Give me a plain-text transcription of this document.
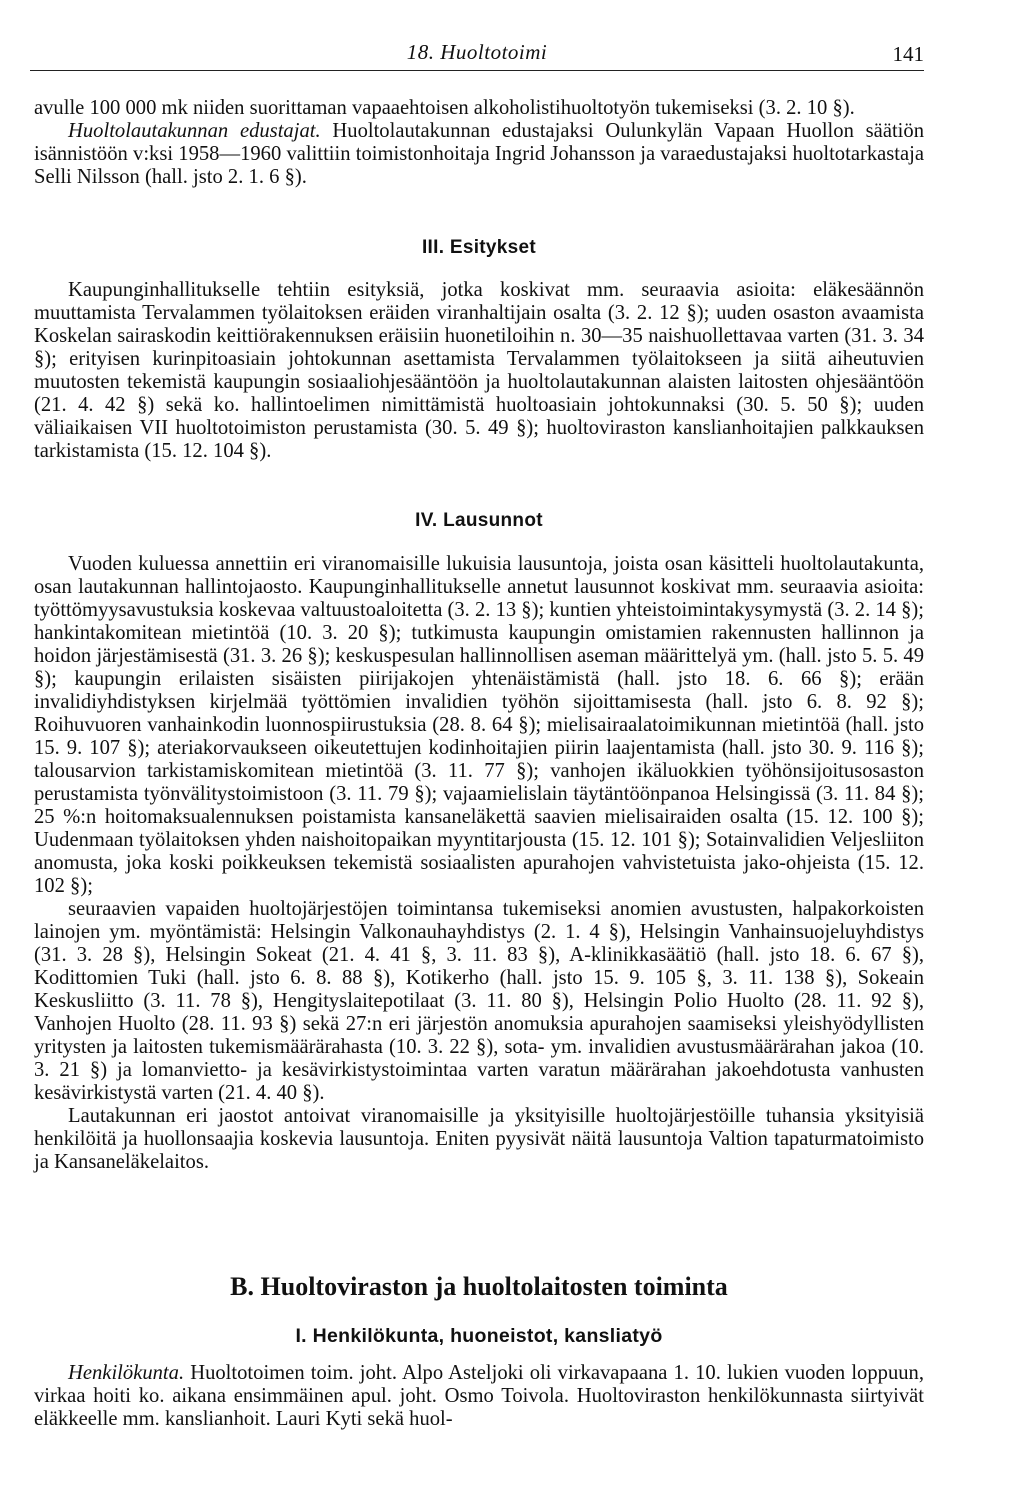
18. Huoltotoimi	141

avulle 100 000 mk niiden suorittaman vapaaehtoisen alkoholistihuoltotyön tukemiseksi (3. 2. 10 §).

Huoltolautakunnan edustajat. Huoltolautakunnan edustajaksi Oulunkylän Vapaan Huollon säätiön isännistöön v:ksi 1958—1960 valittiin toimistonhoitaja Ingrid Johansson ja varaedustajaksi huoltotarkastaja Selli Nilsson (hall. jsto 2. 1. 6 §).

III. Esitykset

Kaupunginhallitukselle tehtiin esityksiä, jotka koskivat mm. seuraavia asioita: eläkesäännön muuttamista Tervalammen työlaitoksen eräiden viranhaltijain osalta (3. 2. 12 §); uuden osaston avaamista Koskelan sairaskodin keittiörakennuksen eräisiin huonetiloihin n. 30—35 naishuollettavaa varten (31. 3. 34 §); erityisen kurinpitoasiain johtokunnan asettamista Tervalammen työlaitokseen ja siitä aiheutuvien muutosten tekemistä kaupungin sosiaaliohjesääntöön ja huoltolautakunnan alaisten laitosten ohjesääntöön (21. 4. 42 §) sekä ko. hallintoelimen nimittämistä huoltoasiain johtokunnaksi (30. 5. 50 §); uuden väliaikaisen VII huoltotoimiston perustamista (30. 5. 49 §); huoltoviraston kanslianhoitajien palkkauksen tarkistamista (15. 12. 104 §).

IV. Lausunnot

Vuoden kuluessa annettiin eri viranomaisille lukuisia lausuntoja, joista osan käsitteli huoltolautakunta, osan lautakunnan hallintojaosto. Kaupunginhallitukselle annetut lausunnot koskivat mm. seuraavia asioita: työttömyysavustuksia koskevaa valtuustoaloitetta (3. 2. 13 §); kuntien yhteistoimintakysymystä (3. 2. 14 §); hankintakomitean mietintöä (10. 3. 20 §); tutkimusta kaupungin omistamien rakennusten hallinnon ja hoidon järjestämisestä (31. 3. 26 §); keskuspesulan hallinnollisen aseman määrittelyä ym. (hall. jsto 5. 5. 49 §); kaupungin erilaisten sisäisten piirijakojen yhtenäistämistä (hall. jsto 18. 6. 66 §); erään invalidiyhdistyksen kirjelmää työttömien invalidien työhön sijoittamisesta (hall. jsto 6. 8. 92 §); Roihuvuoren vanhainkodin luonnospiirustuksia (28. 8. 64 §); mielisairaalatoimikunnan mietintöä (hall. jsto 15. 9. 107 §); ateriakorvaukseen oikeutettujen kodinhoitajien piirin laajentamista (hall. jsto 30. 9. 116 §); talousarvion tarkistamiskomitean mietintöä (3. 11. 77 §); vanhojen ikäluokkien työhönsijoitusosaston perustamista työnvälitystoimistoon (3. 11. 79 §); vajaamielislain täytäntöönpanoa Helsingissä (3. 11. 84 §); 25 %:n hoitomaksualennuksen poistamista kansaneläkettä saavien mielisairaiden osalta (15. 12. 100 §); Uudenmaan työlaitoksen yhden naishoitopaikan myyntitarjousta (15. 12. 101 §); Sotainvalidien Veljesliiton anomusta, joka koski poikkeuksen tekemistä sosiaalisten apurahojen vahvistetuista jako-ohjeista (15. 12. 102 §);

seuraavien vapaiden huoltojärjestöjen toimintansa tukemiseksi anomien avustusten, halpakorkoisten lainojen ym. myöntämistä: Helsingin Valkonauhayhdistys (2. 1. 4 §), Helsingin Vanhainsuojeluyhdistys (31. 3. 28 §), Helsingin Sokeat (21. 4. 41 §, 3. 11. 83 §), A-klinikkasäätiö (hall. jsto 18. 6. 67 §), Kodittomien Tuki (hall. jsto 6. 8. 88 §), Kotikerho (hall. jsto 15. 9. 105 §, 3. 11. 138 §), Sokeain Keskusliitto (3. 11. 78 §), Hengityslaitepotilaat (3. 11. 80 §), Helsingin Polio Huolto (28. 11. 92 §), Vanhojen Huolto (28. 11. 93 §) sekä 27:n eri järjestön anomuksia apurahojen saamiseksi yleishyödyllisten yritysten ja laitosten tukemismäärärahasta (10. 3. 22 §), sota- ym. invalidien avustusmäärärahan jakoa (10. 3. 21 §) ja lomanvietto- ja kesävirkistystoimintaa varten varatun määrärahan jakoehdotusta vanhusten kesävirkistystä varten (21. 4. 40 §).

Lautakunnan eri jaostot antoivat viranomaisille ja yksityisille huoltojärjestöille tuhansia yksityisiä henkilöitä ja huollonsaajia koskevia lausuntoja. Eniten pyysivät näitä lausuntoja Valtion tapaturmatoimisto ja Kansaneläkelaitos.

B. Huoltoviraston ja huoltolaitosten toiminta
I. Henkilökunta, huoneistot, kansliatyö

Henkilökunta. Huoltotoimen toim. joht. Alpo Asteljoki oli virkavapaana 1. 10. lukien vuoden loppuun, virkaa hoiti ko. aikana ensimmäinen apul. joht. Osmo Toivola. Huoltoviraston henkilökunnasta siirtyivät eläkkeelle mm. kanslianhoit. Lauri Kyti sekä huol-
